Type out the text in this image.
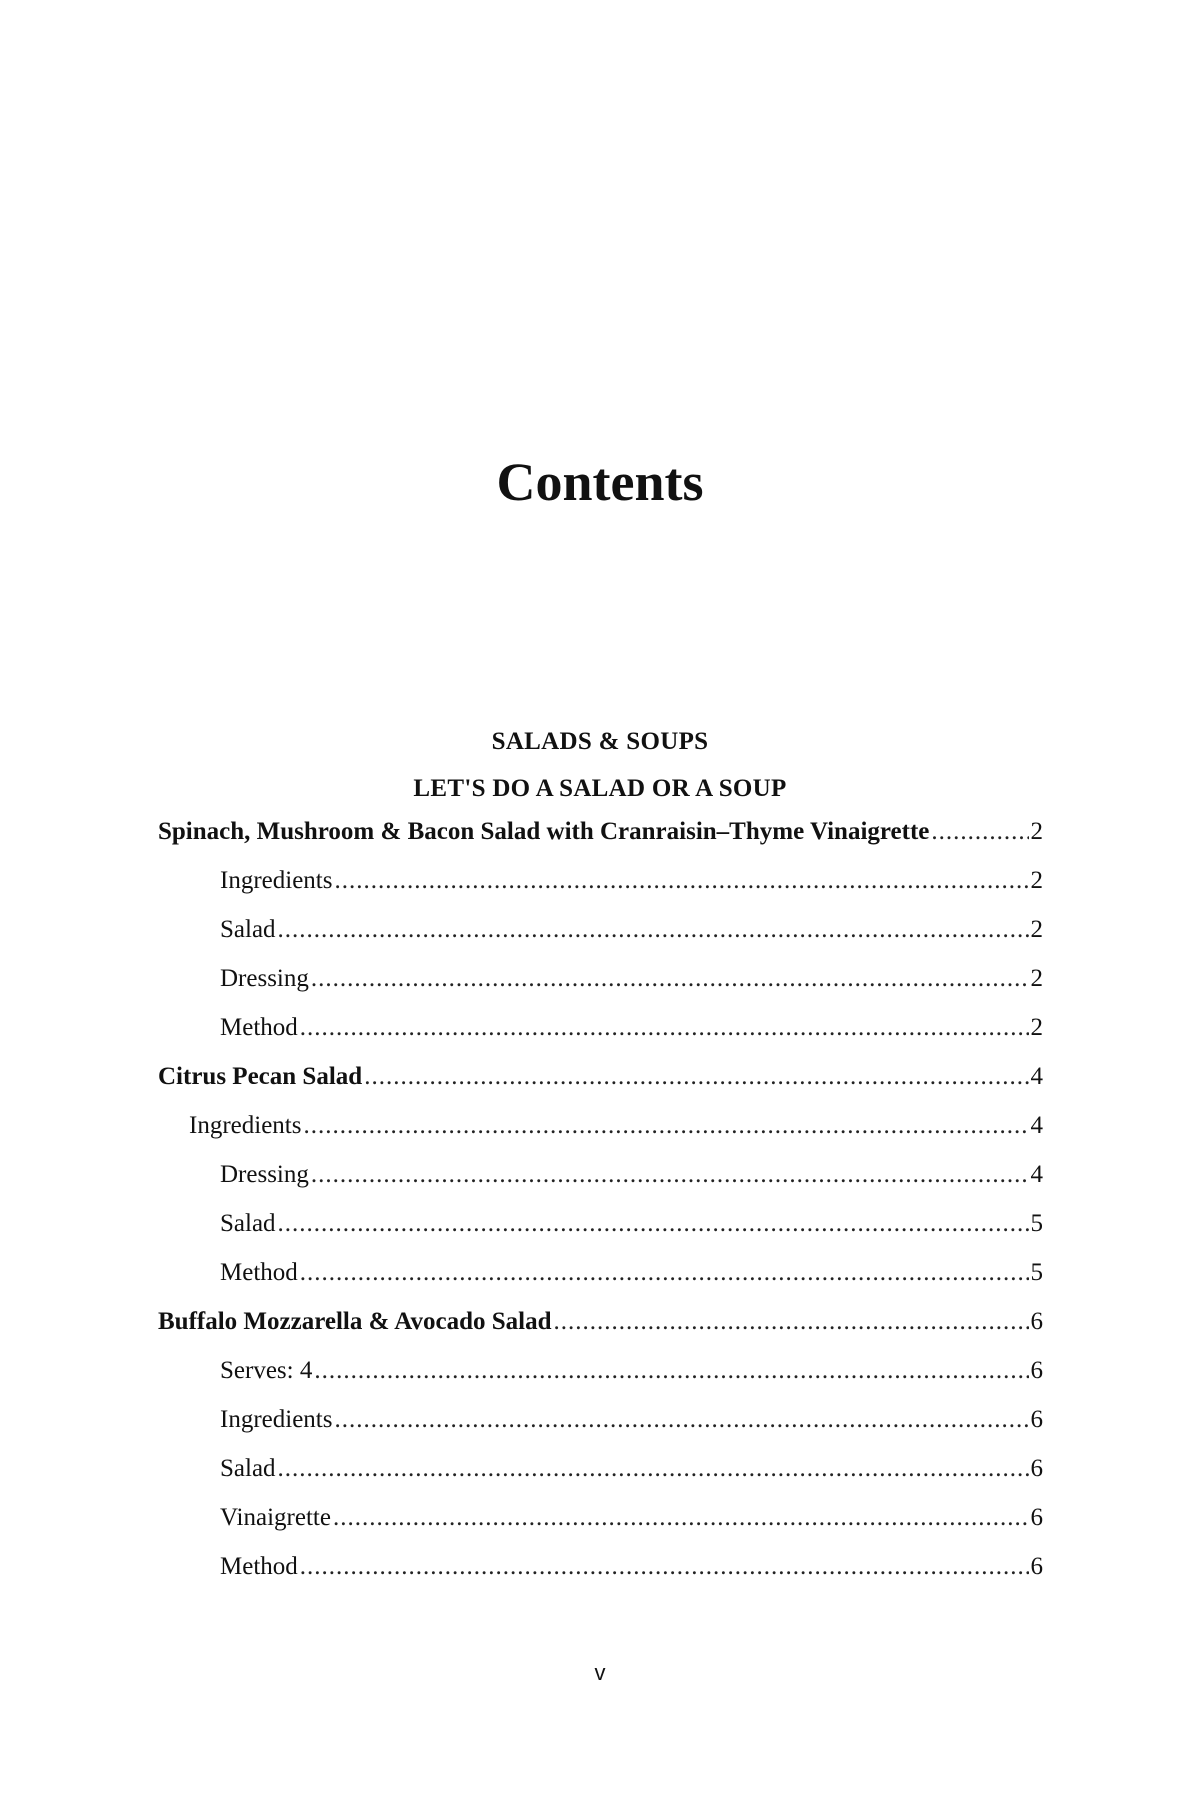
Contents
SALADS & SOUPS
LET'S DO A SALAD OR A SOUP
Spinach, Mushroom & Bacon Salad with Cranraisin–Thyme Vinaigrette .....	2
Ingredients .....	2
Salad .....	2
Dressing .....	2
Method .....	2
Citrus Pecan Salad .....	4
Ingredients .....	4
Dressing .....	4
Salad .....	5
Method .....	5
Buffalo Mozzarella & Avocado Salad .....	6
Serves: 4 .....	6
Ingredients .....	6
Salad .....	6
Vinaigrette .....	6
Method .....	6
v
